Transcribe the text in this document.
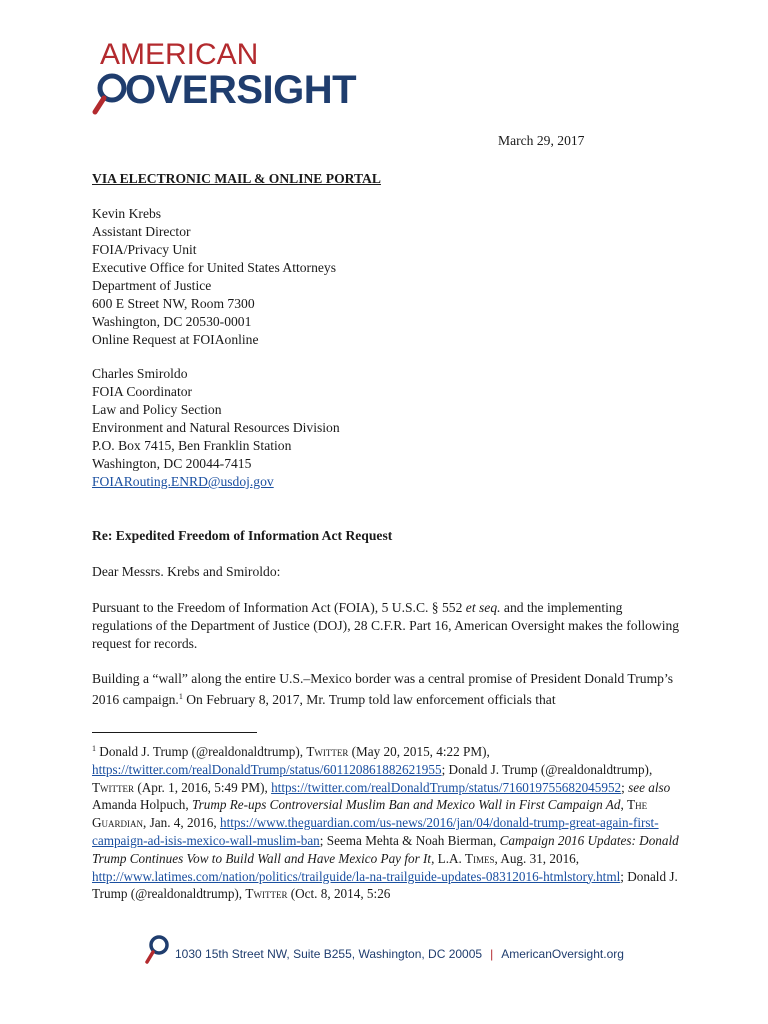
AMERICAN
OVERSIGHT
March 29, 2017
VIA ELECTRONIC MAIL & ONLINE PORTAL
Kevin Krebs
Assistant Director
FOIA/Privacy Unit
Executive Office for United States Attorneys
Department of Justice
600 E Street NW, Room 7300
Washington, DC 20530-0001
Online Request at FOIAonline
Charles Smiroldo
FOIA Coordinator
Law and Policy Section
Environment and Natural Resources Division
P.O. Box 7415, Ben Franklin Station
Washington, DC 20044-7415
FOIARouting.ENRD@usdoj.gov
Re: Expedited Freedom of Information Act Request
Dear Messrs. Krebs and Smiroldo:
Pursuant to the Freedom of Information Act (FOIA), 5 U.S.C. § 552 et seq. and the implementing regulations of the Department of Justice (DOJ), 28 C.F.R. Part 16, American Oversight makes the following request for records.
Building a “wall” along the entire U.S.–Mexico border was a central promise of President Donald Trump’s 2016 campaign.$^1$ On February 8, 2017, Mr. Trump told law enforcement officials that
$^1$ Donald J. Trump (@realdonaldtrump), Twitter (May 20, 2015, 4:22 PM), https://twitter.com/realDonaldTrump/status/601120861882621955; Donald J. Trump (@realdonaldtrump), Twitter (Apr. 1, 2016, 5:49 PM), https://twitter.com/realDonaldTrump/status/716019755682045952; see also Amanda Holpuch, Trump Re-ups Controversial Muslim Ban and Mexico Wall in First Campaign Ad, The Guardian, Jan. 4, 2016, https://www.theguardian.com/us-news/2016/jan/04/donald-trump-great-again-first-campaign-ad-isis-mexico-wall-muslim-ban; Seema Mehta & Noah Bierman, Campaign 2016 Updates: Donald Trump Continues Vow to Build Wall and Have Mexico Pay for It, L.A. Times, Aug. 31, 2016, http://www.latimes.com/nation/politics/trailguide/la-na-trailguide-updates-08312016-htmlstory.html; Donald J. Trump (@realdonaldtrump), Twitter (Oct. 8, 2014, 5:26
1030 15th Street NW, Suite B255, Washington, DC 20005 | AmericanOversight.org
